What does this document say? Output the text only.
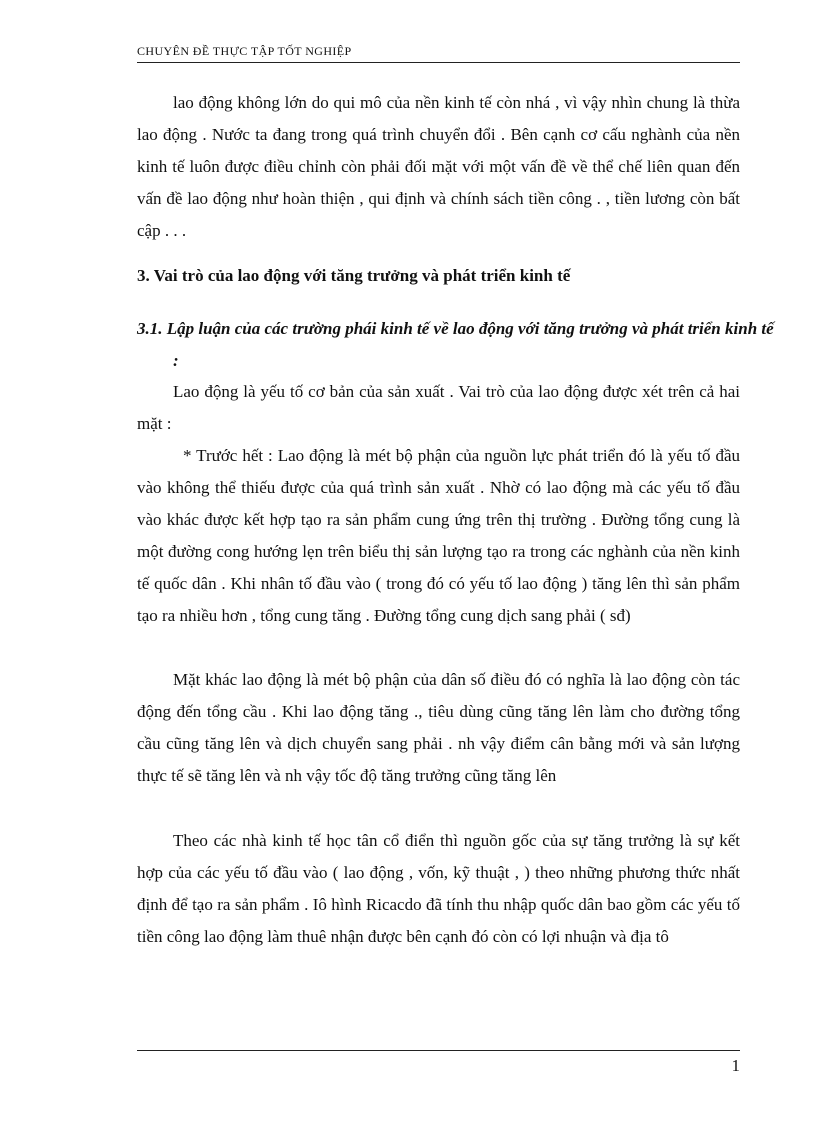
CHUYÊN ĐỀ THỰC TẬP TỐT NGHIỆP

lao động không lớn do qui mô của nền kinh tế còn nhá , vì vậy nhìn chung là thừa lao động . Nước ta đang trong quá trình chuyển đổi . Bên cạnh cơ cấu nghành của nền kinh tế luôn được điều chỉnh còn phải đối mặt với một vấn đề về thể chế liên quan đến vấn đề lao động như hoàn thiện , qui định và chính sách tiền công . , tiền lương còn bất cập . . .

3. Vai trò của lao động với tăng trưởng và phát triển kinh tế

3.1. Lập luận của các trường phái kinh tế về lao động với tăng trưởng và phát triển kinh tế :

Lao động là yếu tố cơ bản của sản xuất . Vai trò của lao động được xét trên cả hai mặt :

* Trước hết : Lao động là mét bộ phận của nguồn lực phát triển đó là yếu tố đầu vào không thể thiếu được của quá trình sản xuất . Nhờ có lao động mà các yếu tố đầu vào khác được kết hợp tạo ra sản phẩm cung ứng trên thị trường . Đường tổng cung là một đường cong hướng lẹn trên biểu thị sản lượng tạo ra trong các nghành của nền kinh tế quốc dân . Khi nhân tố đầu vào ( trong đó có yếu tố lao động ) tăng lên thì sản phẩm tạo ra nhiều hơn , tổng cung tăng . Đường tổng cung dịch sang phải ( sđ)

Mặt khác lao động là mét bộ phận của dân số điều đó có nghĩa là lao động còn tác động đến tổng cầu . Khi lao động tăng ., tiêu dùng cũng tăng lên làm cho đường tổng cầu cũng tăng lên và dịch chuyển sang phải . nh vậy điểm cân bằng mới và sản lượng thực tế sẽ tăng lên và nh vậy tốc độ tăng trưởng cũng tăng lên

Theo các nhà kinh tế học tân cổ điển thì nguồn gốc của sự tăng trưởng là sự kết hợp của các yếu tố đầu vào ( lao động , vốn, kỹ thuật , ) theo những phương thức nhất định để tạo ra sản phẩm . Iô hình Ricacdo đã tính thu nhập quốc dân bao gồm các yếu tố tiền công lao động làm thuê nhận được bên cạnh đó còn có lợi nhuận và địa tô

1
